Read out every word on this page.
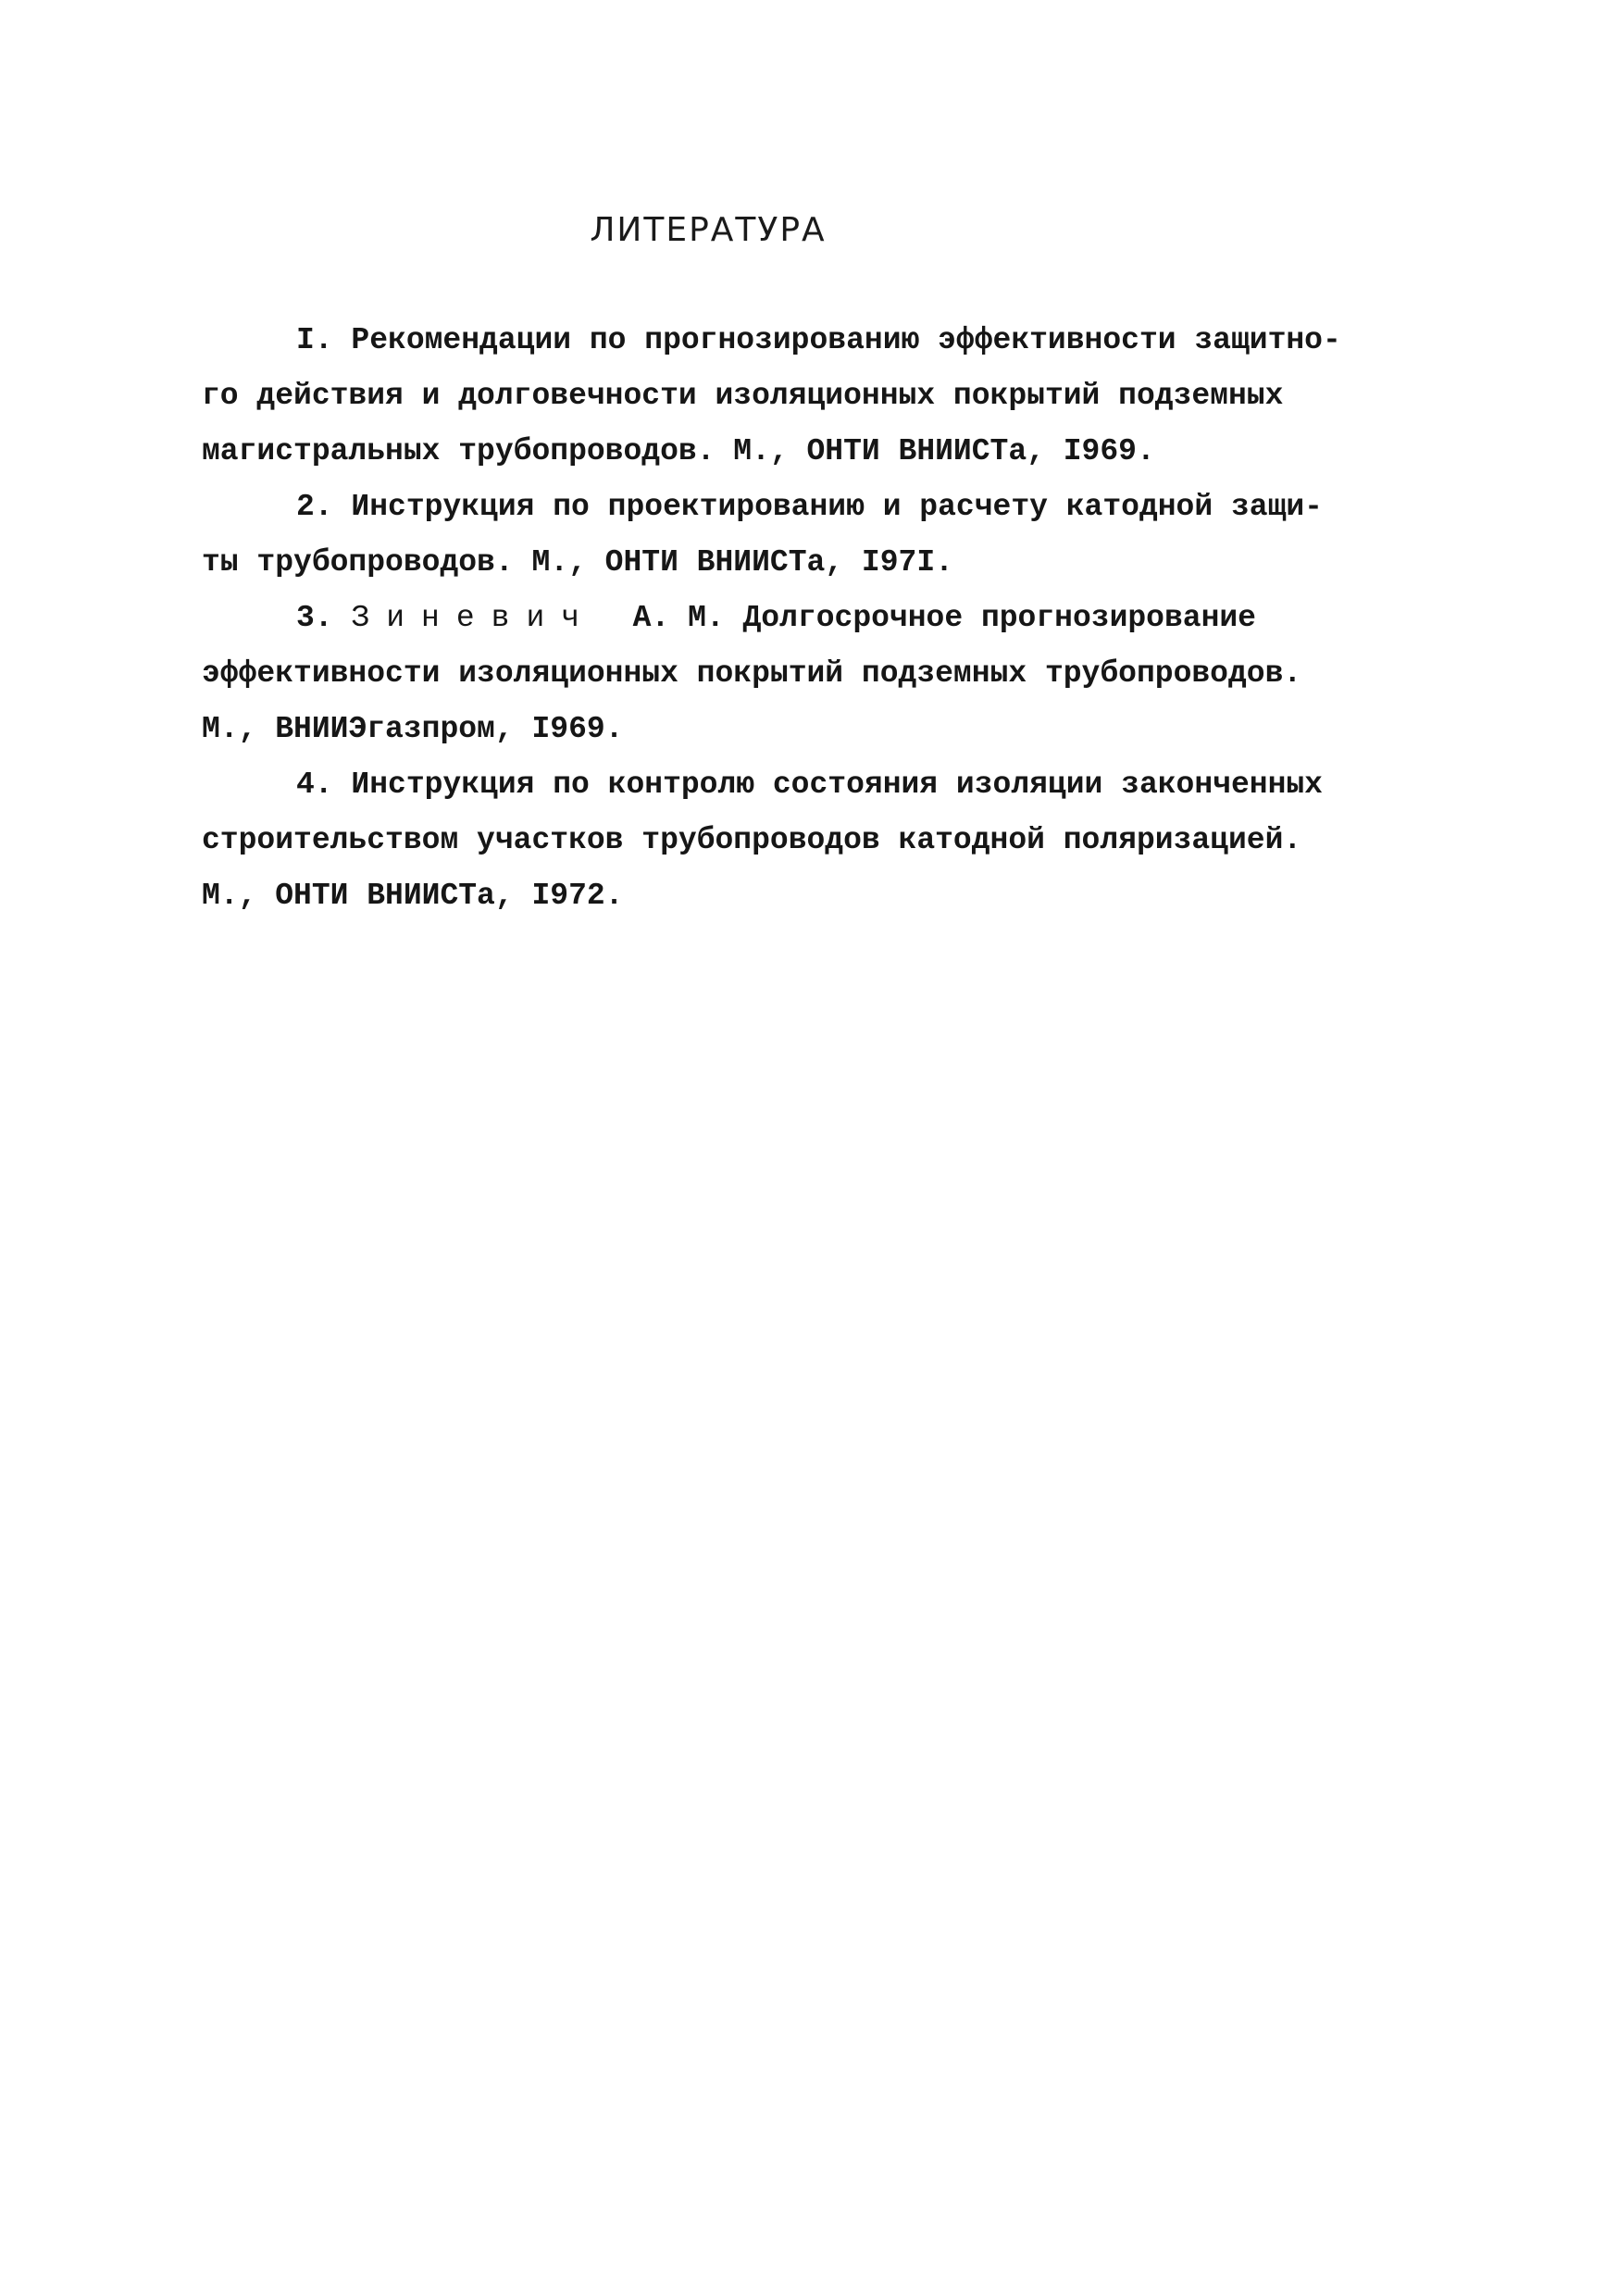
ЛИТЕРАТУРА
I. Рекомендации по прогнозированию эффективности защитно-
го действия и долговечности изоляционных покрытий подземных
магистральных трубопроводов. М., ОНТИ ВНИИСТа, I969.
2. Инструкция по проектированию и расчету катодной защи-
ты трубопроводов. М., ОНТИ ВНИИСТа, I97I.
3. Зиневич А. М. Долгосрочное прогнозирование
эффективности изоляционных покрытий подземных трубопроводов.
М., ВНИИЭгазпром, I969.
4. Инструкция по контролю состояния изоляции законченных
строительством участков трубопроводов катодной поляризацией.
М., ОНТИ ВНИИСТа, I972.
